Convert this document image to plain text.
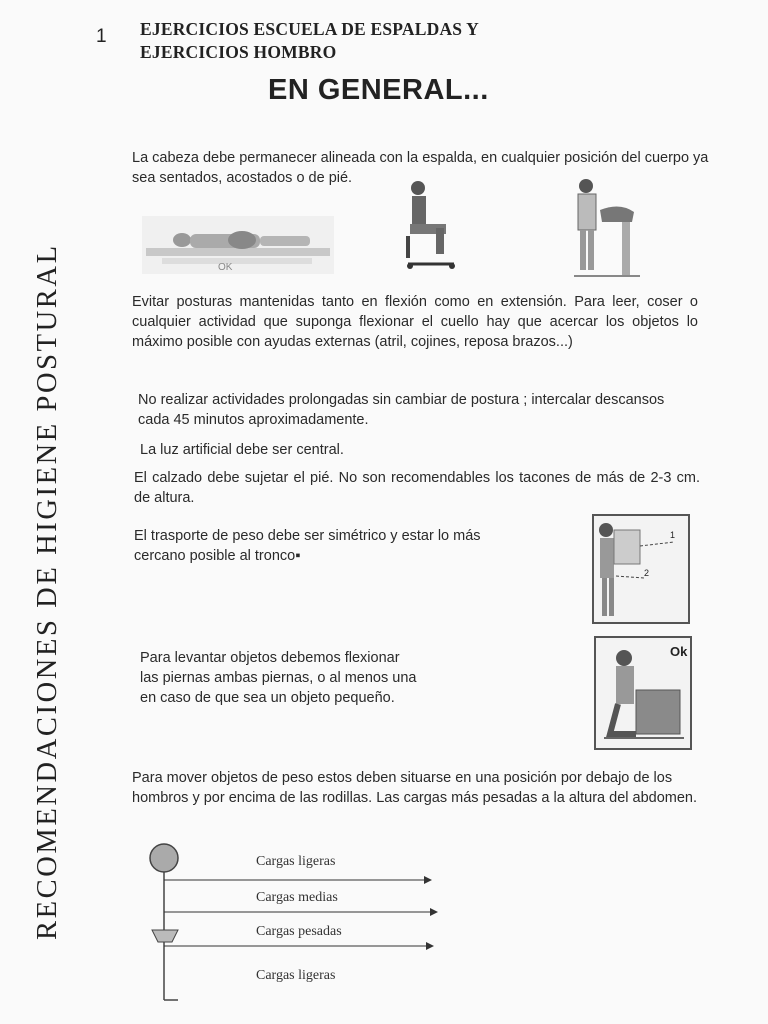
1 EJERCICIOS ESCUELA DE ESPALDAS Y
EJERCICIOS HOMBRO
EN GENERAL...
RECOMENDACIONES DE HIGIENE POSTURAL
La cabeza debe permanecer alineada con la espalda, en cualquier posición del cuerpo ya sea sentados, acostados o de pié.
OK
Evitar posturas mantenidas tanto en flexión como en extensión. Para leer, coser o cualquier actividad que suponga flexionar el cuello hay que acercar los objetos lo máximo posible con ayudas externas (atril, cojines, reposa brazos...)
No realizar actividades prolongadas sin cambiar de postura ; intercalar descansos cada 45 minutos aproximadamente.
La luz artificial debe ser central.
El calzado debe sujetar el pié. No son recomendables los tacones de más de 2-3 cm. de altura.
El trasporte de peso debe ser simétrico y estar lo más
cercano posible al tronco▪
1
2
Para levantar objetos debemos flexionar
las piernas ambas piernas, o al menos una
en caso de que sea un objeto pequeño.
Ok
Para mover objetos de peso estos deben situarse en una posición por debajo de los hombros y por encima de las rodillas. Las cargas más pesadas a la altura del abdomen.
Cargas ligeras
Cargas medias
Cargas pesadas
Cargas ligeras
